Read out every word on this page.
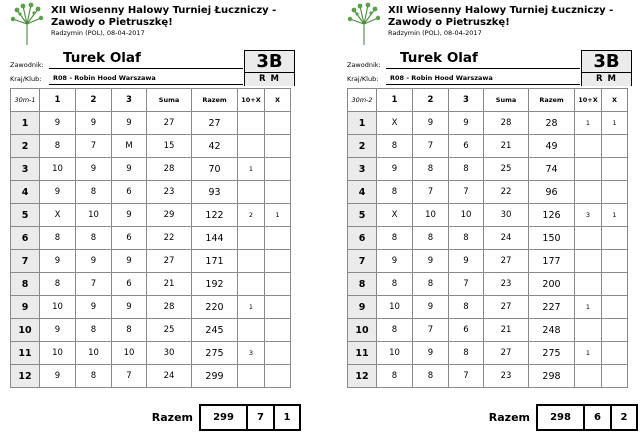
XII Wiosenny Halowy Turniej Łuczniczy - Zawody o Pietruszkę!
Radzymin (POL), 08-04-2017
Zawodnik: Turek Olaf
Kraj/Klub: R08 - Robin Hood Warszawa
3B
R M
30m-1	1	2	3	Suma	Razem	10+X	X
1	9	9	9	27	27		
2	8	7	M	15	42		
3	10	9	9	28	70	1	
4	9	8	6	23	93		
5	X	10	9	29	122	2	1
6	8	8	6	22	144		
7	9	9	9	27	171		
8	8	7	6	21	192		
9	10	9	9	28	220	1	
10	9	8	8	25	245		
11	10	10	10	30	275	3	
12	9	8	7	24	299		
Razem	299	7	1
XII Wiosenny Halowy Turniej Łuczniczy - Zawody o Pietruszkę!
Radzymin (POL), 08-04-2017
Zawodnik: Turek Olaf
Kraj/Klub: R08 - Robin Hood Warszawa
3B
R M
30m-2	1	2	3	Suma	Razem	10+X	X
1	X	9	9	28	28	1	1
2	8	7	6	21	49		
3	9	8	8	25	74		
4	8	7	7	22	96		
5	X	10	10	30	126	3	1
6	8	8	8	24	150		
7	9	9	9	27	177		
8	8	8	7	23	200		
9	10	9	8	27	227	1	
10	8	7	6	21	248		
11	10	9	8	27	275	1	
12	8	8	7	23	298		
Razem	298	6	2
